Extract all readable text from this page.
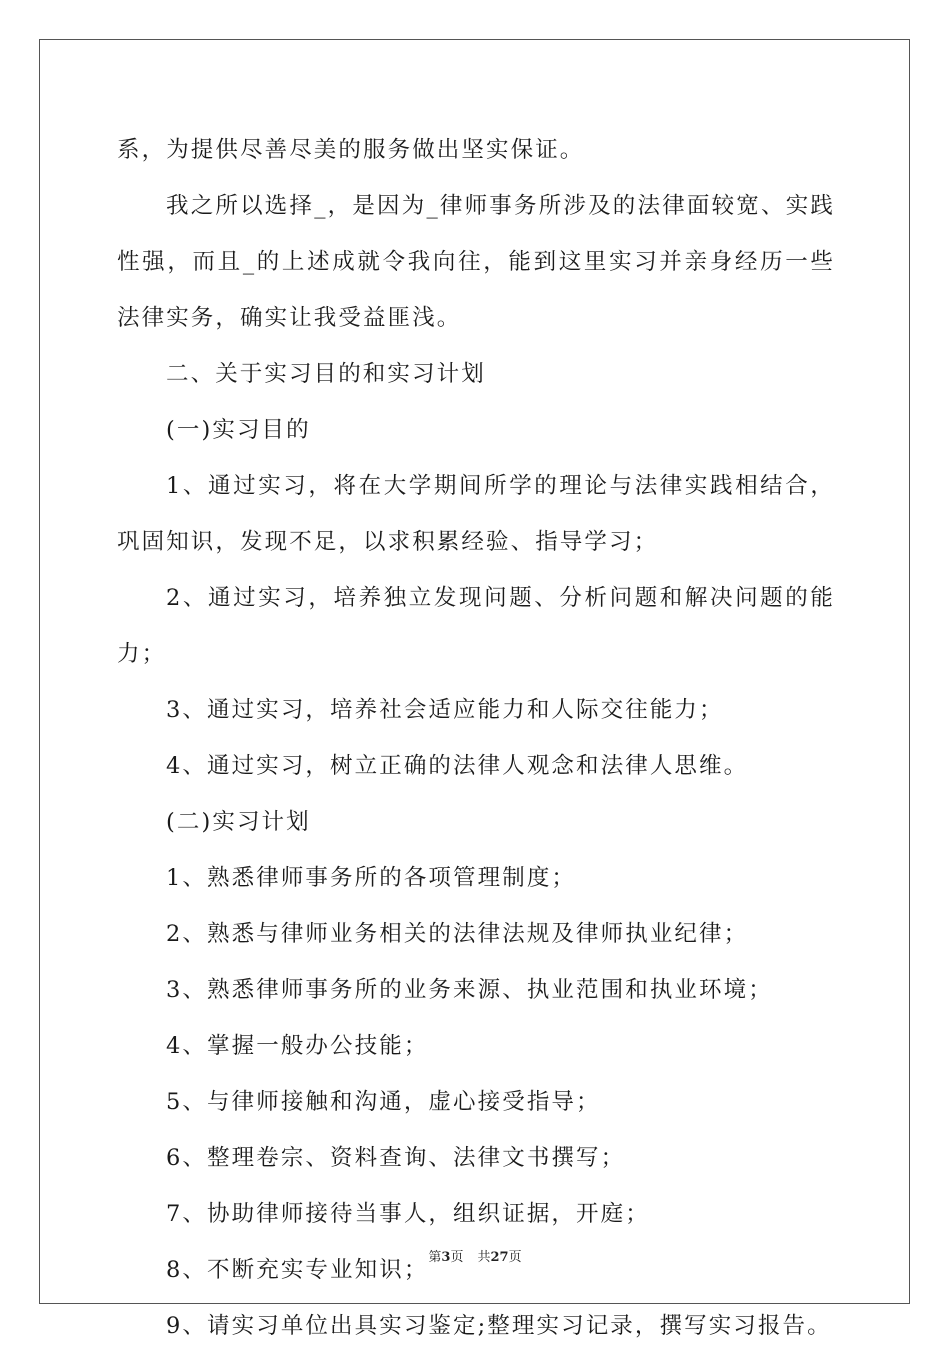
系，为提供尽善尽美的服务做出坚实保证。

我之所以选择_，是因为_律师事务所涉及的法律面较宽、实践性强，而且_的上述成就令我向往，能到这里实习并亲身经历一些法律实务，确实让我受益匪浅。

二、关于实习目的和实习计划

(一)实习目的

1、通过实习，将在大学期间所学的理论与法律实践相结合，巩固知识，发现不足，以求积累经验、指导学习；

2、通过实习，培养独立发现问题、分析问题和解决问题的能力；

3、通过实习，培养社会适应能力和人际交往能力；

4、通过实习，树立正确的法律人观念和法律人思维。

(二)实习计划

1、熟悉律师事务所的各项管理制度；

2、熟悉与律师业务相关的法律法规及律师执业纪律；

3、熟悉律师事务所的业务来源、执业范围和执业环境；

4、掌握一般办公技能；

5、与律师接触和沟通，虚心接受指导；

6、整理卷宗、资料查询、法律文书撰写；

7、协助律师接待当事人，组织证据，开庭；

8、不断充实专业知识；

9、请实习单位出具实习鉴定;整理实习记录，撰写实习报告。

第3页 共27页
